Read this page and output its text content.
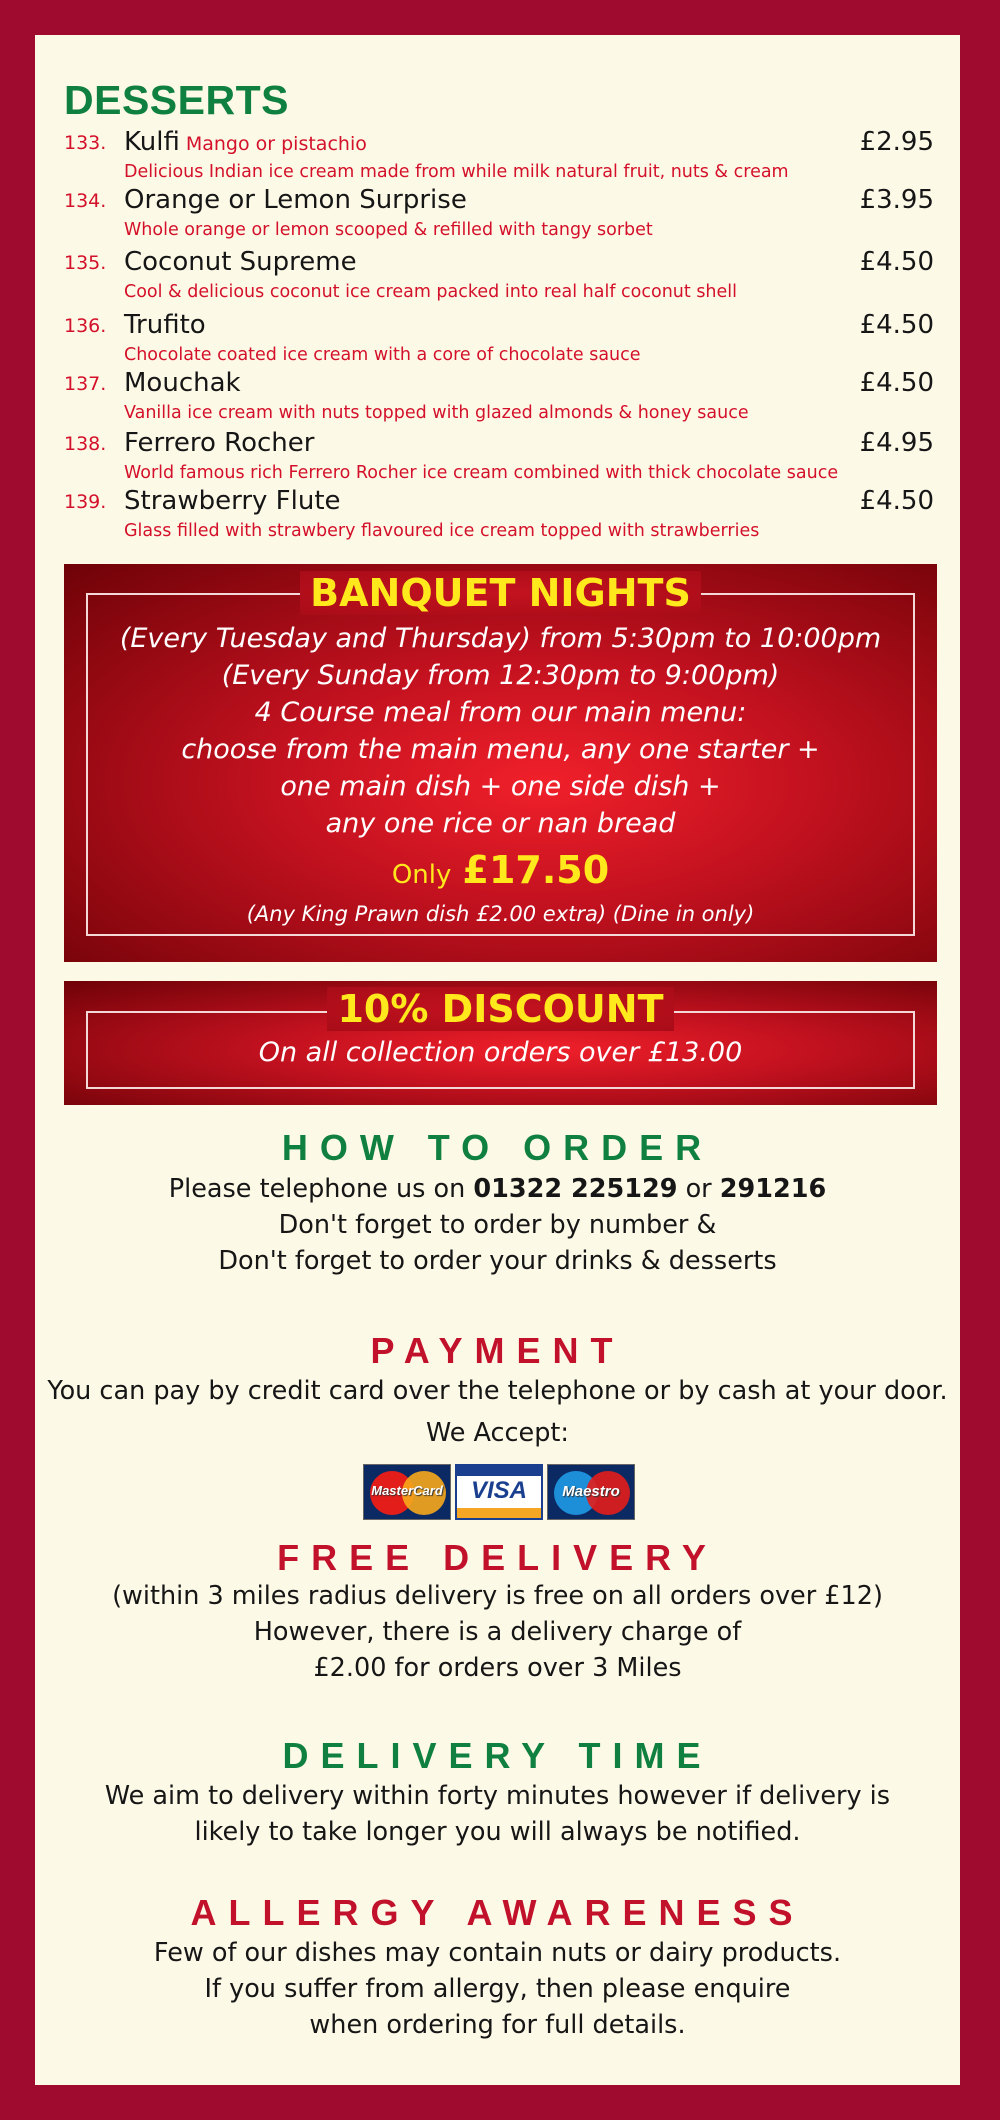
DESSERTS
133. Kulfi Mango or pistachio	£2.95
Delicious Indian ice cream made from while milk natural fruit, nuts & cream
134. Orange or Lemon Surprise	£3.95
Whole orange or lemon scooped & refilled with tangy sorbet
135. Coconut Supreme	£4.50
Cool & delicious coconut ice cream packed into real half coconut shell
136. Trufito	£4.50
Chocolate coated ice cream with a core of chocolate sauce
137. Mouchak	£4.50
Vanilla ice cream with nuts topped with glazed almonds & honey sauce
138. Ferrero Rocher	£4.95
World famous rich Ferrero Rocher ice cream combined with thick chocolate sauce
139. Strawberry Flute	£4.50
Glass filled with strawbery flavoured ice cream topped with strawberries
BANQUET NIGHTS
(Every Tuesday and Thursday) from 5:30pm to 10:00pm
(Every Sunday from 12:30pm to 9:00pm)
4 Course meal from our main menu:
choose from the main menu, any one starter +
one main dish + one side dish +
any one rice or nan bread
Only £17.50
(Any King Prawn dish £2.00 extra) (Dine in only)
10% DISCOUNT
On all collection orders over £13.00
HOW TO ORDER
Please telephone us on 01322 225129 or 291216
Don't forget to order by number &
Don't forget to order your drinks & desserts
PAYMENT
You can pay by credit card over the telephone or by cash at your door.
We Accept:
MasterCard	VISA	Maestro
FREE DELIVERY
(within 3 miles radius delivery is free on all orders over £12)
However, there is a delivery charge of
£2.00 for orders over 3 Miles
DELIVERY TIME
We aim to delivery within forty minutes however if delivery is
likely to take longer you will always be notified.
ALLERGY AWARENESS
Few of our dishes may contain nuts or dairy products.
If you suffer from allergy, then please enquire
when ordering for full details.
